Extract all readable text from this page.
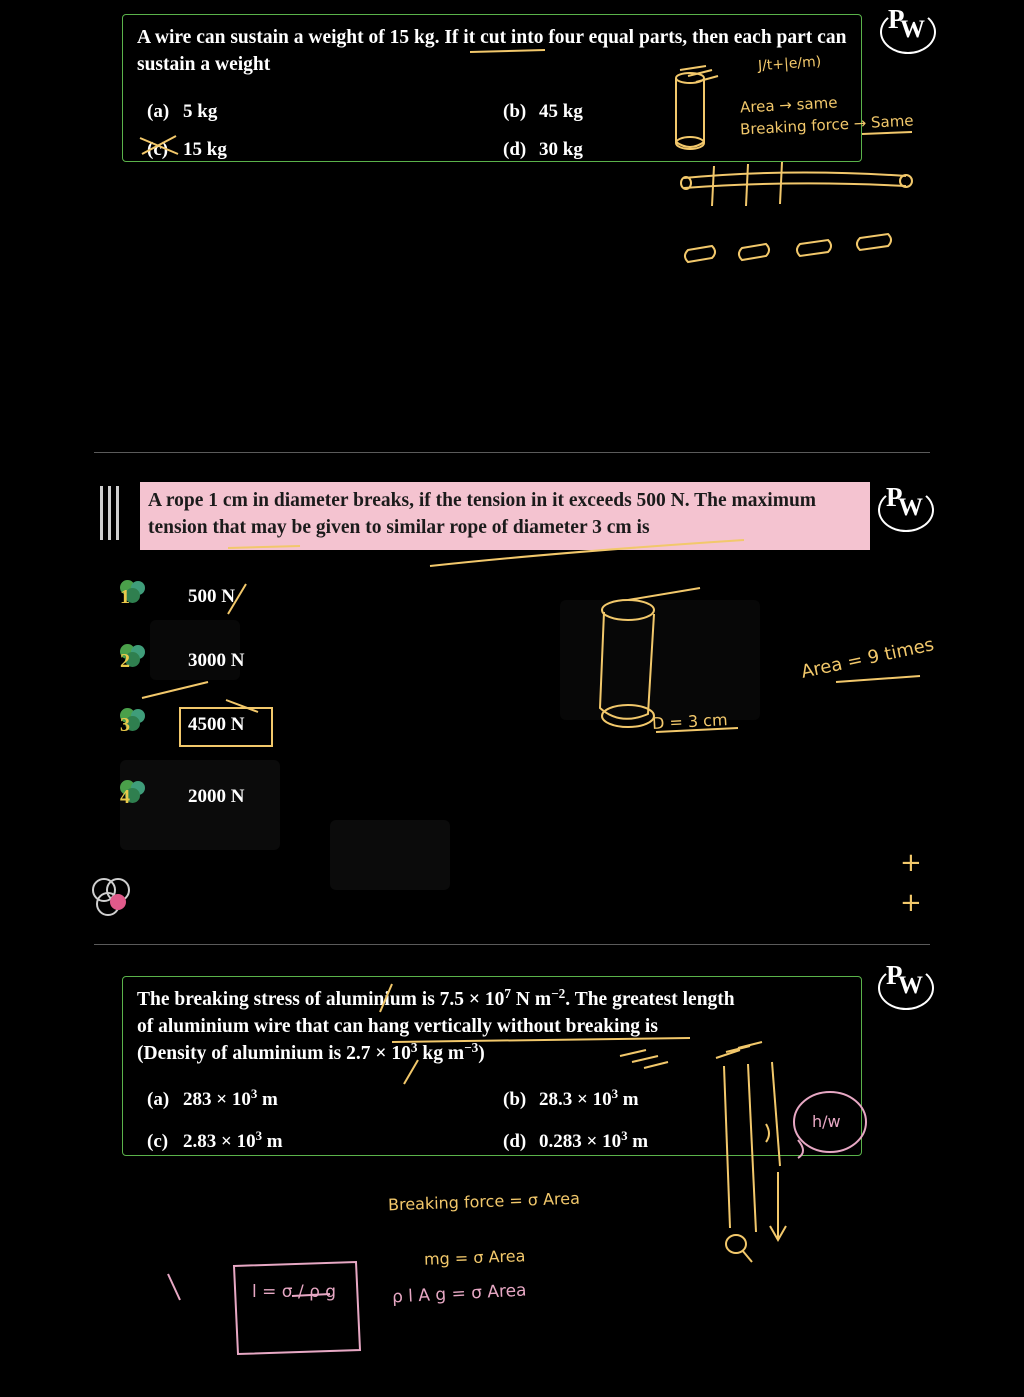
A wire can sustain a weight of 15 kg. If it cut into four equal parts, then each part can sustain a weight
(a) 5 kg	(b) 45 kg
(c) 15 kg	(d) 30 kg
P
W
A rope 1 cm in diameter breaks, if the tension in it exceeds 500 N. The maximum tension that may be given to similar rope of diameter 3 cm is
P
W
1	500 N
2	3000 N
3	4500 N
4	2000 N
+
+
The breaking stress of aluminium is $7.5 \times 10^7$ N $m^{-2}$. The greatest length
of aluminium wire that can hang vertically without breaking is
(Density of aluminium is $2.7 \times 10^3$ kg $m^{-3}$)
(a) $283 \times 10^3$ m	(b) $28.3 \times 10^3$ m
(c) $2.83 \times 10^3$ m	(d) $0.283 \times 10^3$ m
P
W
J/t+|e/m)
Area → same
Breaking force → Same
D = 3 cm
Area = 9 times
Breaking force = σ Area
mg = σ Area
ρ l A g = σ Area
l = σ / ρ g
h/w
